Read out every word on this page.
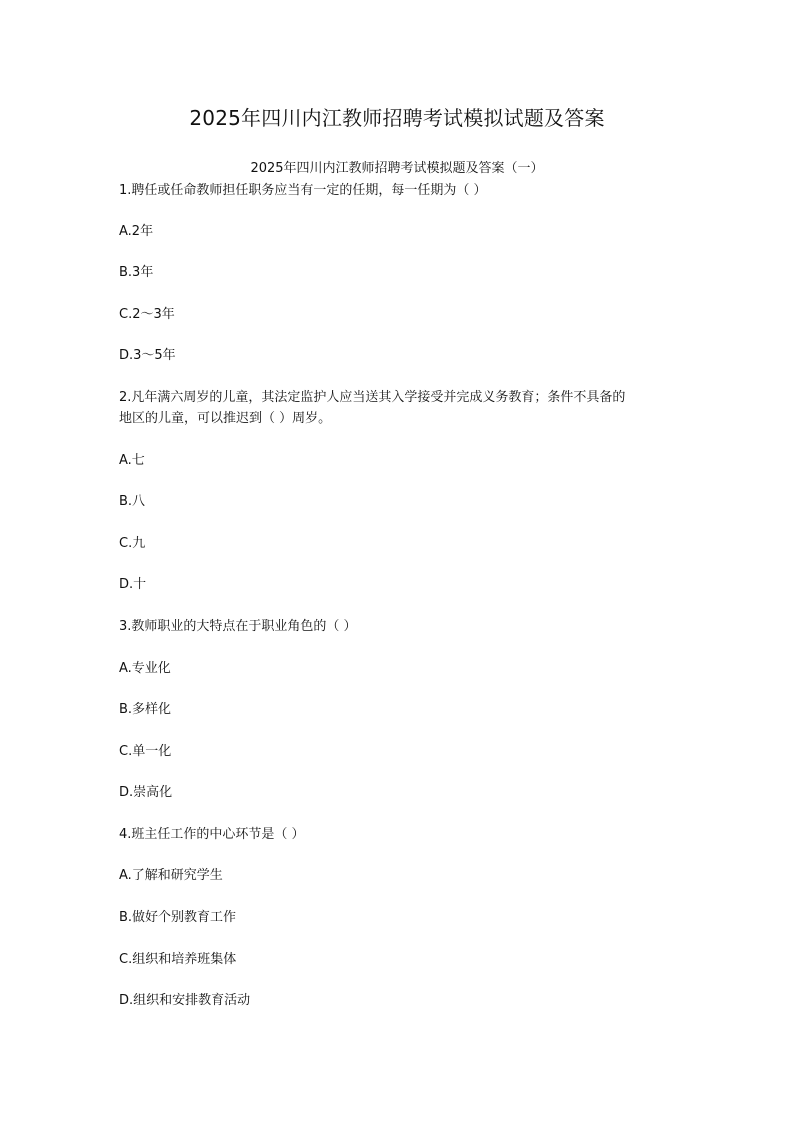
2025年四川内江教师招聘考试模拟试题及答案
2025年四川内江教师招聘考试模拟题及答案（一）
1.聘任或任命教师担任职务应当有一定的任期，每一任期为（ ）
A.2年
B.3年
C.2～3年
D.3～5年
2.凡年满六周岁的儿童，其法定监护人应当送其入学接受并完成义务教育；条件不具备的
地区的儿童，可以推迟到（ ）周岁。
A.七
B.八
C.九
D.十
3.教师职业的大特点在于职业角色的（ ）
A.专业化
B.多样化
C.单一化
D.崇高化
4.班主任工作的中心环节是（ ）
A.了解和研究学生
B.做好个别教育工作
C.组织和培养班集体
D.组织和安排教育活动
